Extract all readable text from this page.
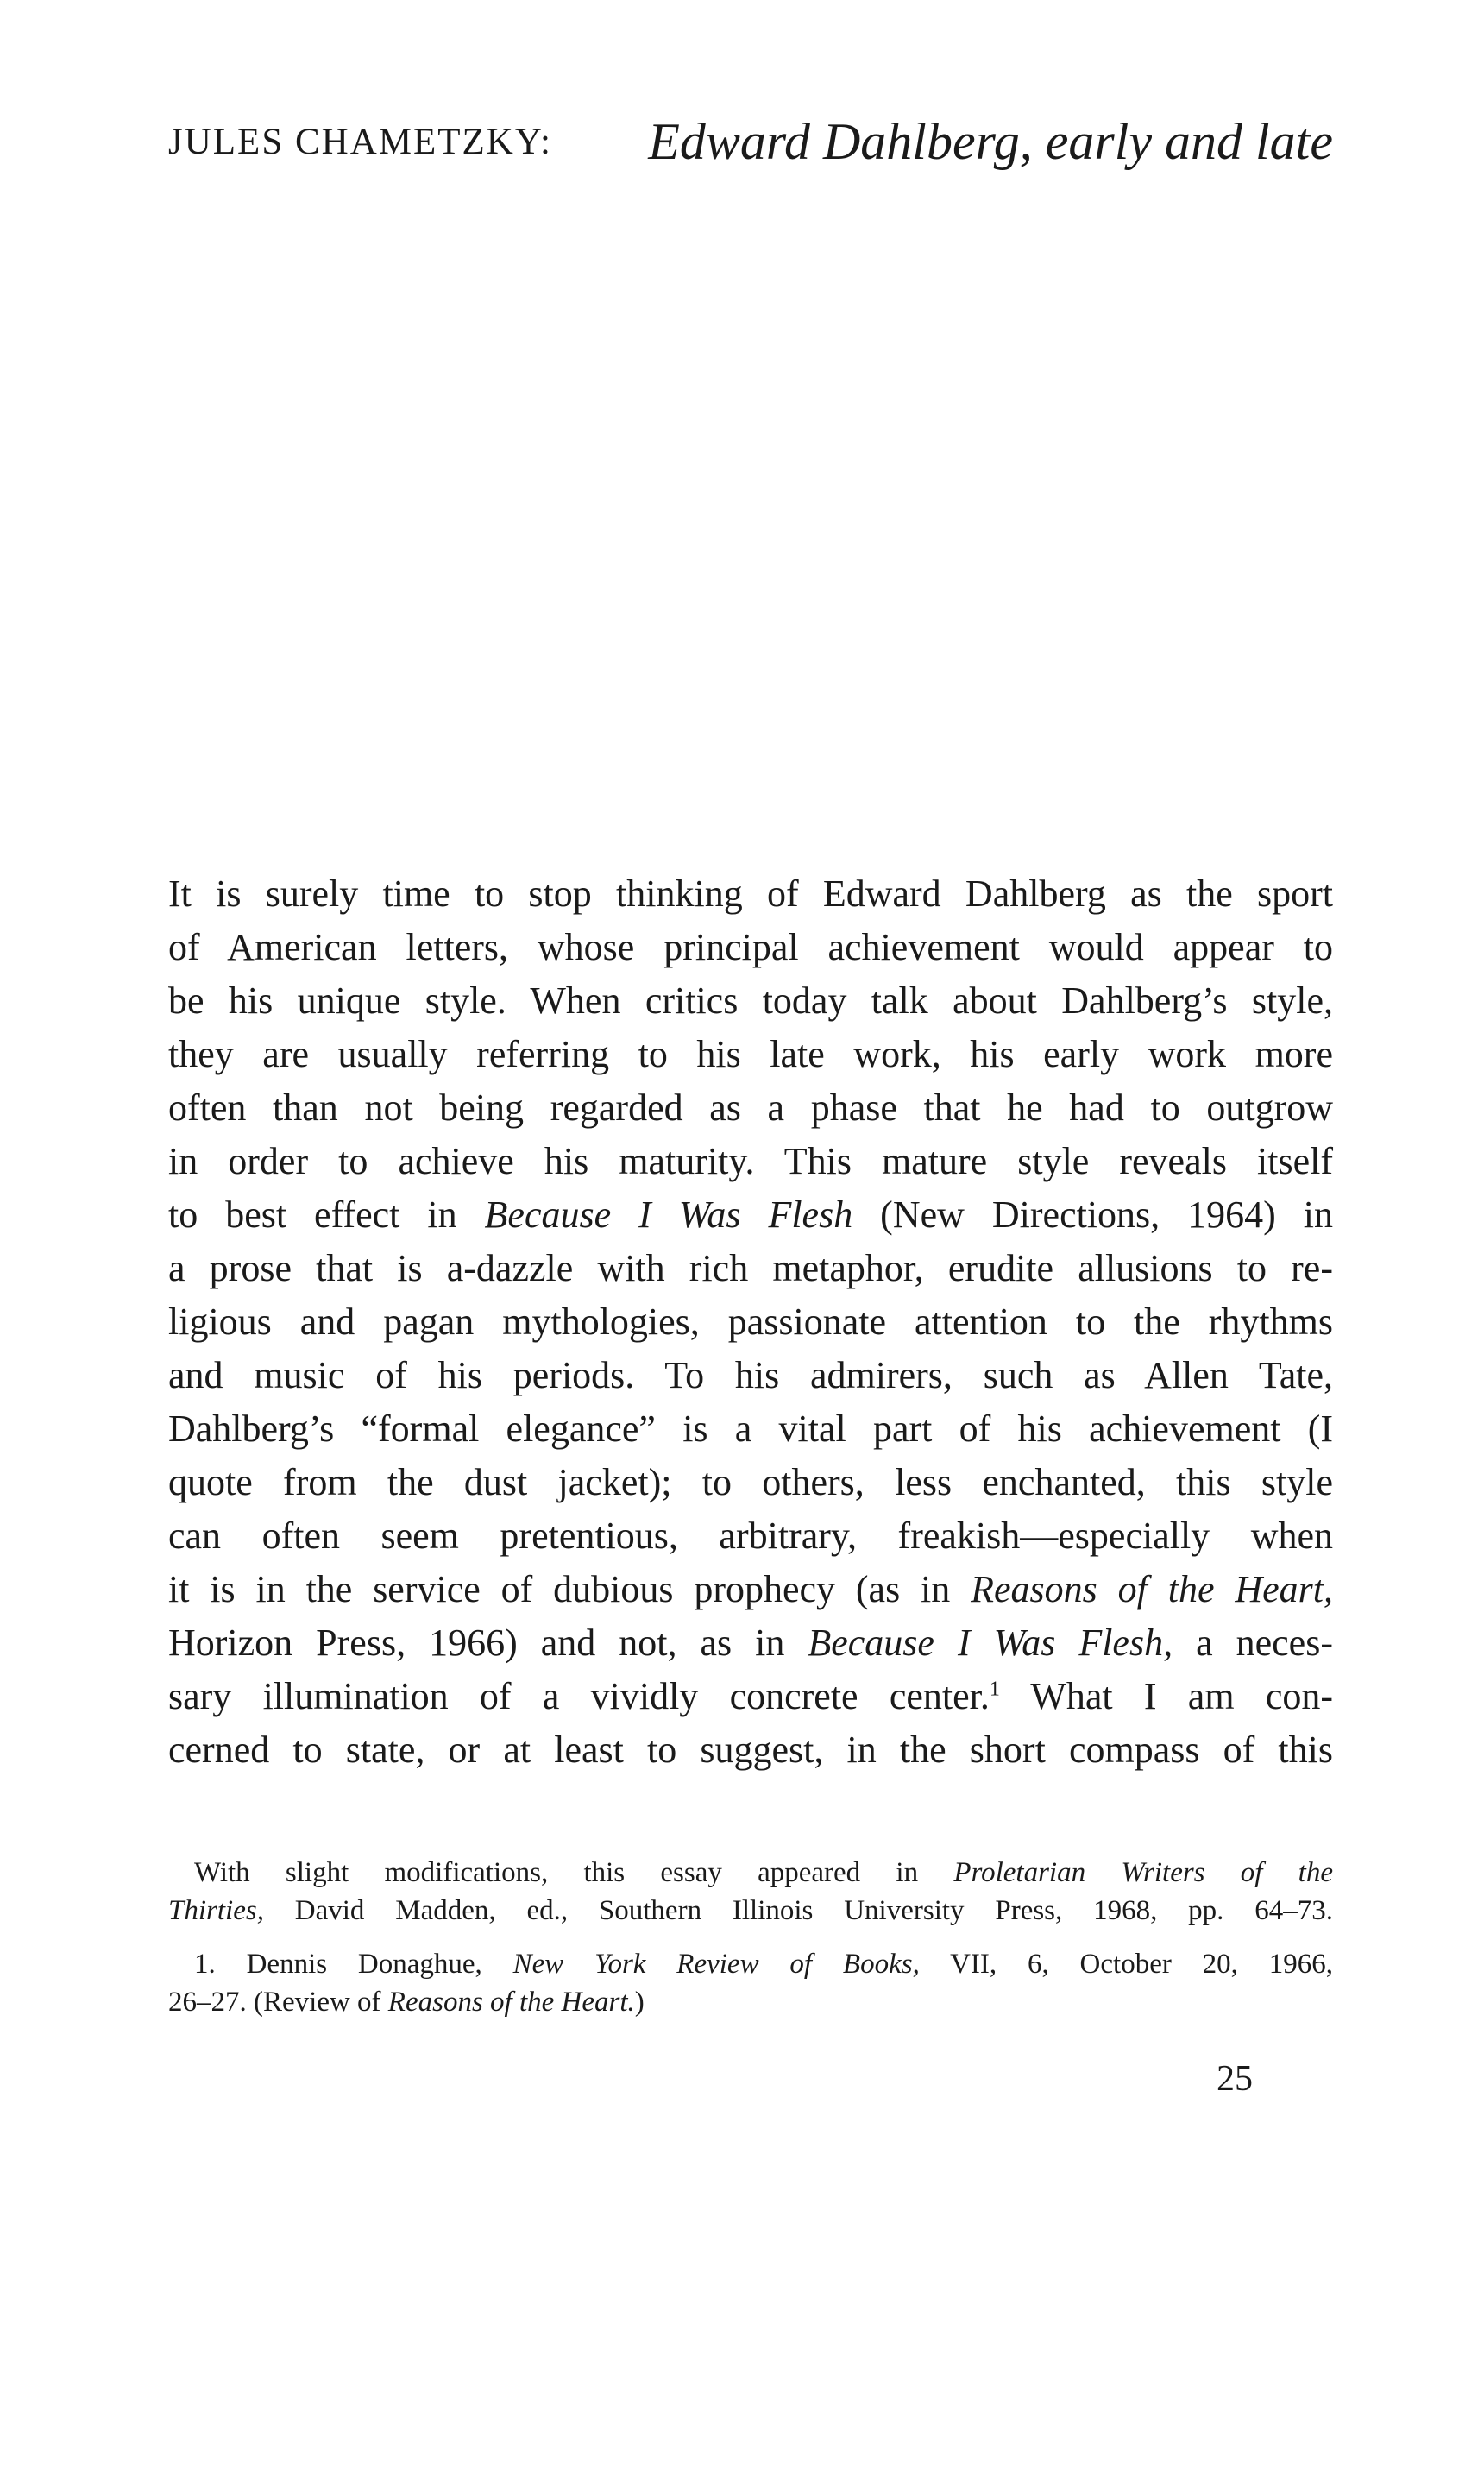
JULES CHAMETZKY: Edward Dahlberg, early and late
It is surely time to stop thinking of Edward Dahlberg as the sport
of American letters, whose principal achievement would appear to
be his unique style. When critics today talk about Dahlberg’s style,
they are usually referring to his late work, his early work more
often than not being regarded as a phase that he had to outgrow
in order to achieve his maturity. This mature style reveals itself
to best effect in Because I Was Flesh (New Directions, 1964) in
a prose that is a-dazzle with rich metaphor, erudite allusions to re-
ligious and pagan mythologies, passionate attention to the rhythms
and music of his periods. To his admirers, such as Allen Tate,
Dahlberg’s “formal elegance” is a vital part of his achievement (I
quote from the dust jacket); to others, less enchanted, this style
can often seem pretentious, arbitrary, freakish—especially when
it is in the service of dubious prophecy (as in Reasons of the Heart,
Horizon Press, 1966) and not, as in Because I Was Flesh, a neces-
sary illumination of a vividly concrete center.$^1$ What I am con-
cerned to state, or at least to suggest, in the short compass of this
With slight modifications, this essay appeared in Proletarian Writers of the
Thirties, David Madden, ed., Southern Illinois University Press, 1968, pp. 64–73.
1. Dennis Donaghue, New York Review of Books, VII, 6, October 20, 1966,
26–27. (Review of Reasons of the Heart.)
25
